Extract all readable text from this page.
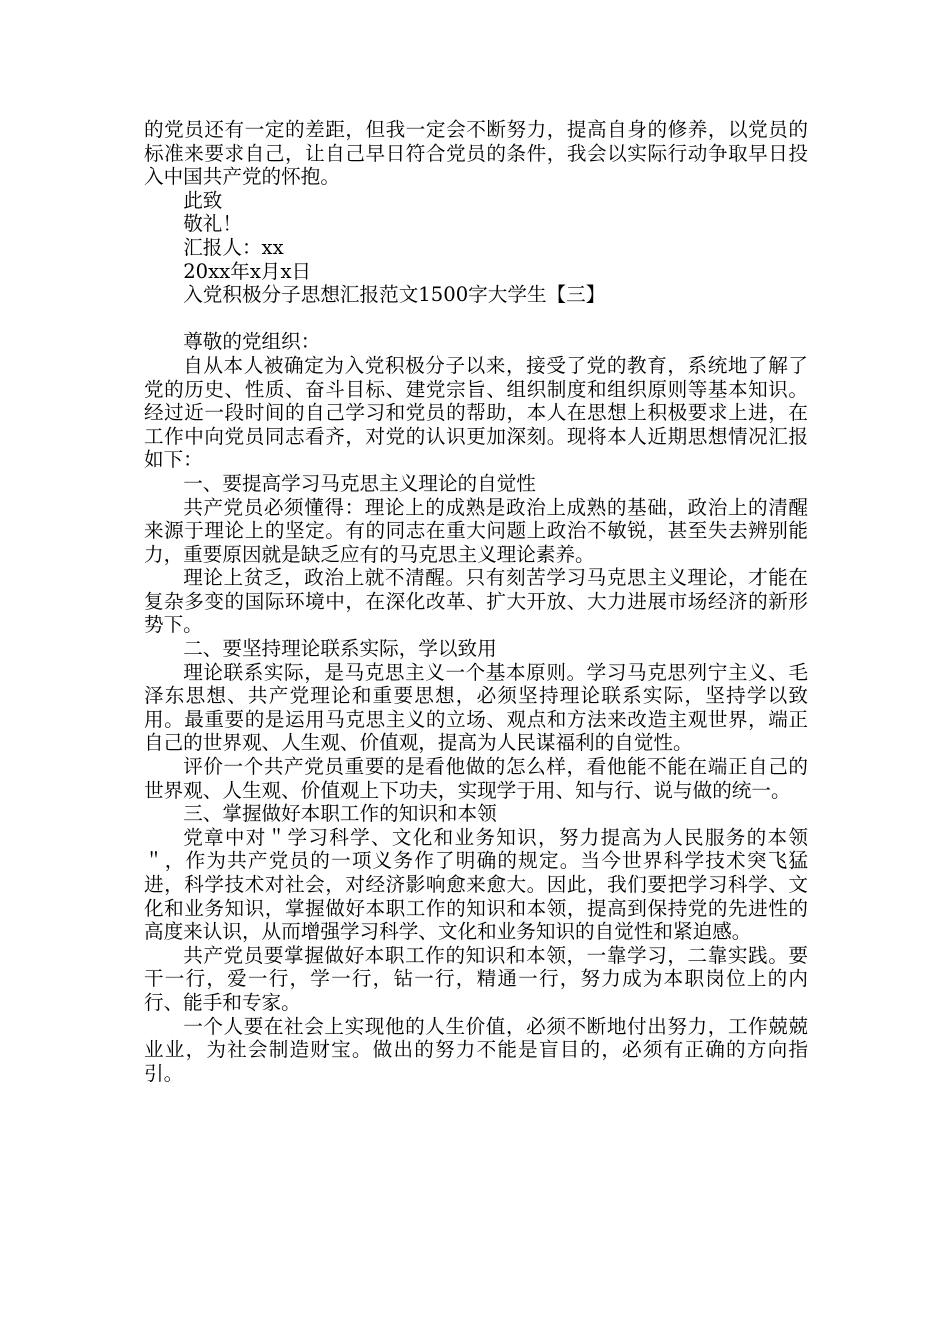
的党员还有一定的差距，但我一定会不断努力，提高自身的修养，以党员的标准来要求自己，让自己早日符合党员的条件，我会以实际行动争取早日投入中国共产党的怀抱。

此致

敬礼！

汇报人：xx

20xx年x月x日

入党积极分子思想汇报范文1500字大学生【三】

尊敬的党组织：

自从本人被确定为入党积极分子以来，接受了党的教育，系统地了解了党的历史、性质、奋斗目标、建党宗旨、组织制度和组织原则等基本知识。经过近一段时间的自己学习和党员的帮助，本人在思想上积极要求上进，在工作中向党员同志看齐，对党的认识更加深刻。现将本人近期思想情况汇报如下：

一、要提高学习马克思主义理论的自觉性

共产党员必须懂得：理论上的成熟是政治上成熟的基础，政治上的清醒来源于理论上的坚定。有的同志在重大问题上政治不敏锐，甚至失去辨别能力，重要原因就是缺乏应有的马克思主义理论素养。

理论上贫乏，政治上就不清醒。只有刻苦学习马克思主义理论，才能在复杂多变的国际环境中，在深化改革、扩大开放、大力进展市场经济的新形势下。

二、要坚持理论联系实际，学以致用

理论联系实际，是马克思主义一个基本原则。学习马克思列宁主义、毛泽东思想、共产党理论和重要思想，必须坚持理论联系实际，坚持学以致用。最重要的是运用马克思主义的立场、观点和方法来改造主观世界，端正自己的世界观、人生观、价值观，提高为人民谋福利的自觉性。

评价一个共产党员重要的是看他做的怎么样，看他能不能在端正自己的世界观、人生观、价值观上下功夫，实现学于用、知与行、说与做的统一。

三、掌握做好本职工作的知识和本领

党章中对＂学习科学、文化和业务知识，努力提高为人民服务的本领＂，作为共产党员的一项义务作了明确的规定。当今世界科学技术突飞猛进，科学技术对社会，对经济影响愈来愈大。因此，我们要把学习科学、文化和业务知识，掌握做好本职工作的知识和本领，提高到保持党的先进性的高度来认识，从而增强学习科学、文化和业务知识的自觉性和紧迫感。

共产党员要掌握做好本职工作的知识和本领，一靠学习，二靠实践。要干一行，爱一行，学一行，钻一行，精通一行，努力成为本职岗位上的内行、能手和专家。

一个人要在社会上实现他的人生价值，必须不断地付出努力，工作兢兢业业，为社会制造财宝。做出的努力不能是盲目的，必须有正确的方向指引。
